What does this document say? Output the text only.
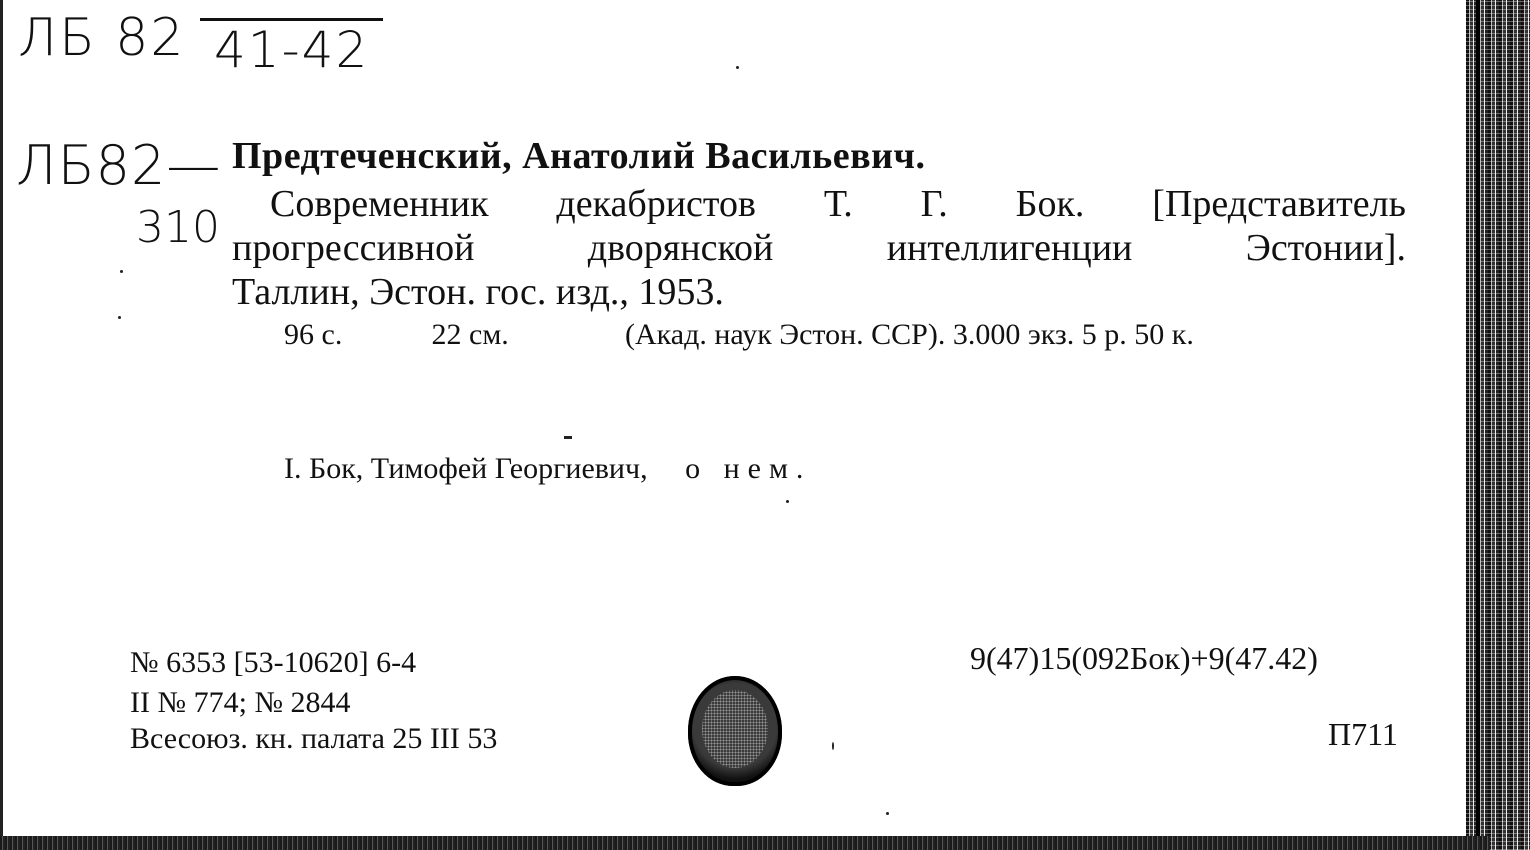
ЛБ 82 41-42
ЛБ82—
310
Предтеченский, Анатолий Васильевич.
Современник декабристов Т. Г. Бок. [Представитель
прогрессивной	дворянской	интеллигенции	Эстонии].
Таллин, Эстон. гос. изд., 1953.
96 с.	22 см.	(Акад. наук Эстон. ССР). 3.000 экз. 5 р. 50 к.
I. Бок, Тимофей Георгиевич, о нем.
№ 6353 [53-10620] 6-4
II № 774; № 2844
Всесоюз. кн. палата 25 III 53
9(47)15(092Бок)+9(47.42)
П711
